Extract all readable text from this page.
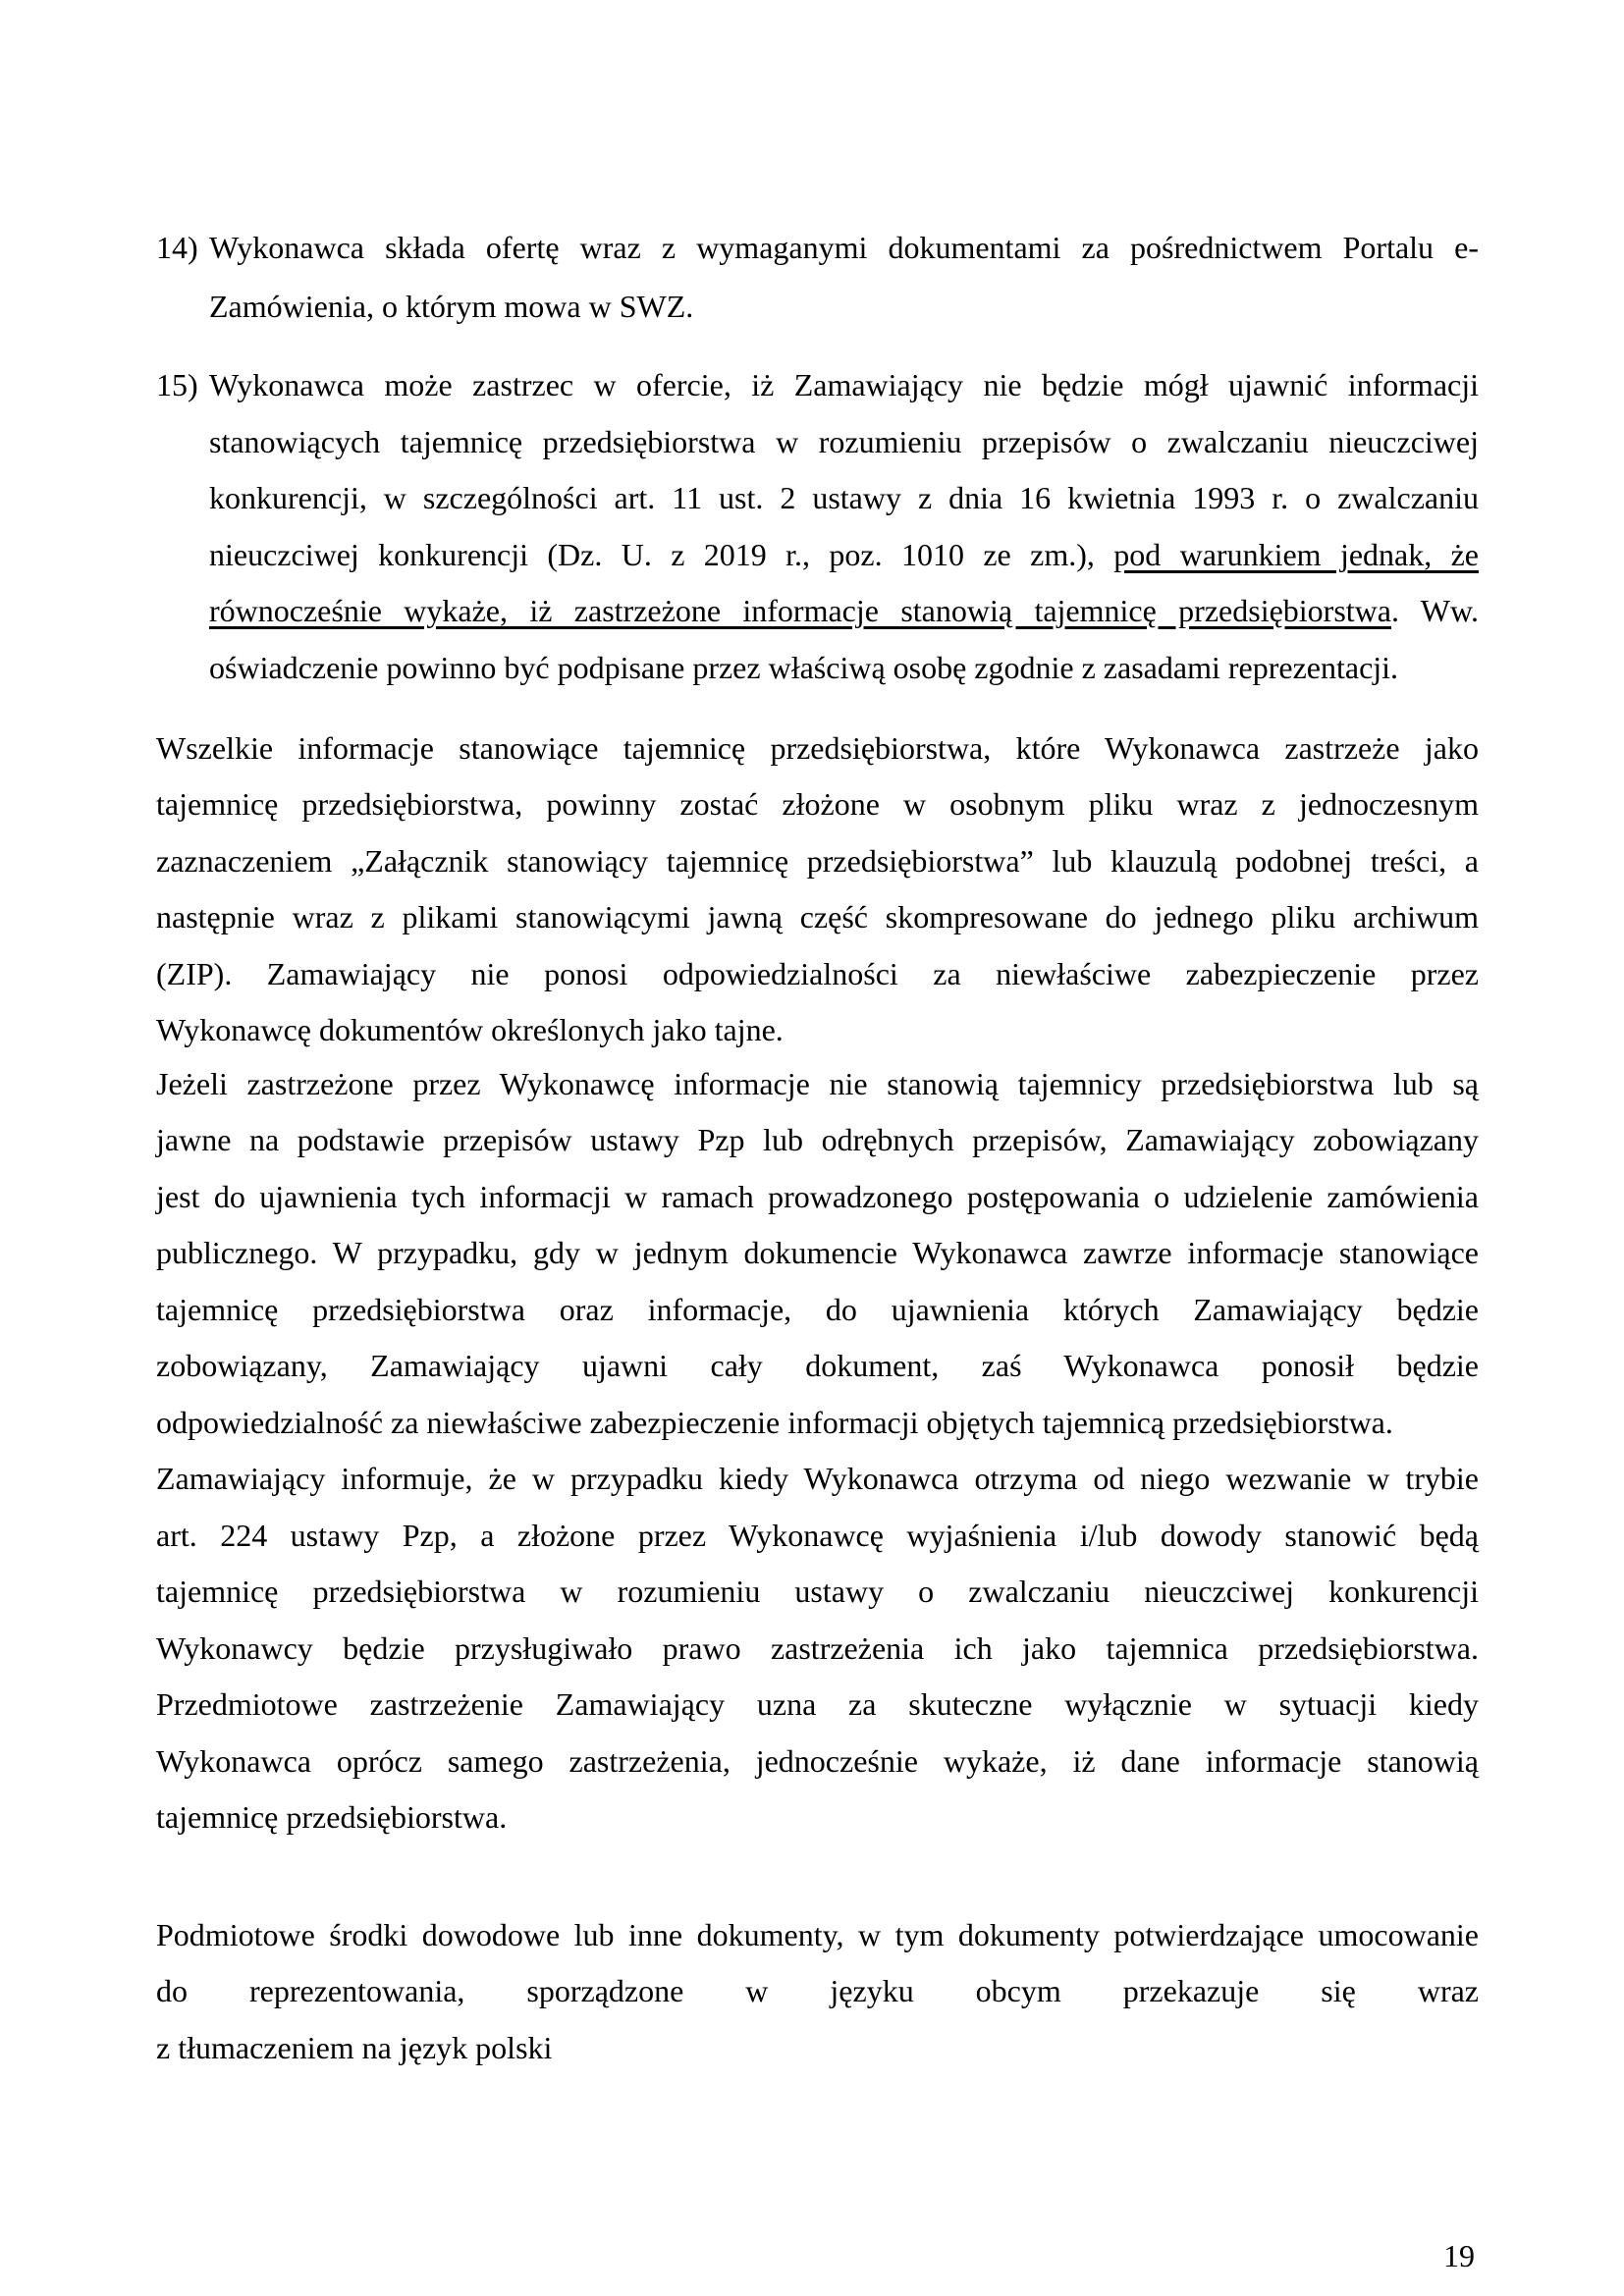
14) Wykonawca składa ofertę wraz z wymaganymi dokumentami za pośrednictwem Portalu e-
Zamówienia, o którym mowa w SWZ.
15) Wykonawca może zastrzec w ofercie, iż Zamawiający nie będzie mógł ujawnić informacji
stanowiących tajemnicę przedsiębiorstwa w rozumieniu przepisów o zwalczaniu nieuczciwej
konkurencji, w szczególności art. 11 ust. 2 ustawy z dnia 16 kwietnia 1993 r. o zwalczaniu
nieuczciwej konkurencji (Dz. U. z 2019 r., poz. 1010 ze zm.), pod warunkiem jednak, że
równocześnie wykaże, iż zastrzeżone informacje stanowią tajemnicę przedsiębiorstwa. Ww.
oświadczenie powinno być podpisane przez właściwą osobę zgodnie z zasadami reprezentacji.
Wszelkie informacje stanowiące tajemnicę przedsiębiorstwa, które Wykonawca zastrzeże jako
tajemnicę przedsiębiorstwa, powinny zostać złożone w osobnym pliku wraz z jednoczesnym
zaznaczeniem „Załącznik stanowiący tajemnicę przedsiębiorstwa” lub klauzulą podobnej treści, a
następnie wraz z plikami stanowiącymi jawną część skompresowane do jednego pliku archiwum
(ZIP). Zamawiający nie ponosi odpowiedzialności za niewłaściwe zabezpieczenie przez
Wykonawcę dokumentów określonych jako tajne.
Jeżeli zastrzeżone przez Wykonawcę informacje nie stanowią tajemnicy przedsiębiorstwa lub są
jawne na podstawie przepisów ustawy Pzp lub odrębnych przepisów, Zamawiający zobowiązany
jest do ujawnienia tych informacji w ramach prowadzonego postępowania o udzielenie zamówienia
publicznego. W przypadku, gdy w jednym dokumencie Wykonawca zawrze informacje stanowiące
tajemnicę przedsiębiorstwa oraz informacje, do ujawnienia których Zamawiający będzie
zobowiązany, Zamawiający ujawni cały dokument, zaś Wykonawca ponosił będzie
odpowiedzialność za niewłaściwe zabezpieczenie informacji objętych tajemnicą przedsiębiorstwa.
Zamawiający informuje, że w przypadku kiedy Wykonawca otrzyma od niego wezwanie w trybie
art. 224 ustawy Pzp, a złożone przez Wykonawcę wyjaśnienia i/lub dowody stanowić będą
tajemnicę przedsiębiorstwa w rozumieniu ustawy o zwalczaniu nieuczciwej konkurencji
Wykonawcy będzie przysługiwało prawo zastrzeżenia ich jako tajemnica przedsiębiorstwa.
Przedmiotowe zastrzeżenie Zamawiający uzna za skuteczne wyłącznie w sytuacji kiedy
Wykonawca oprócz samego zastrzeżenia, jednocześnie wykaże, iż dane informacje stanowią
tajemnicę przedsiębiorstwa.
Podmiotowe środki dowodowe lub inne dokumenty, w tym dokumenty potwierdzające umocowanie
do reprezentowania, sporządzone w języku obcym przekazuje się wraz
z tłumaczeniem na język polski
19
